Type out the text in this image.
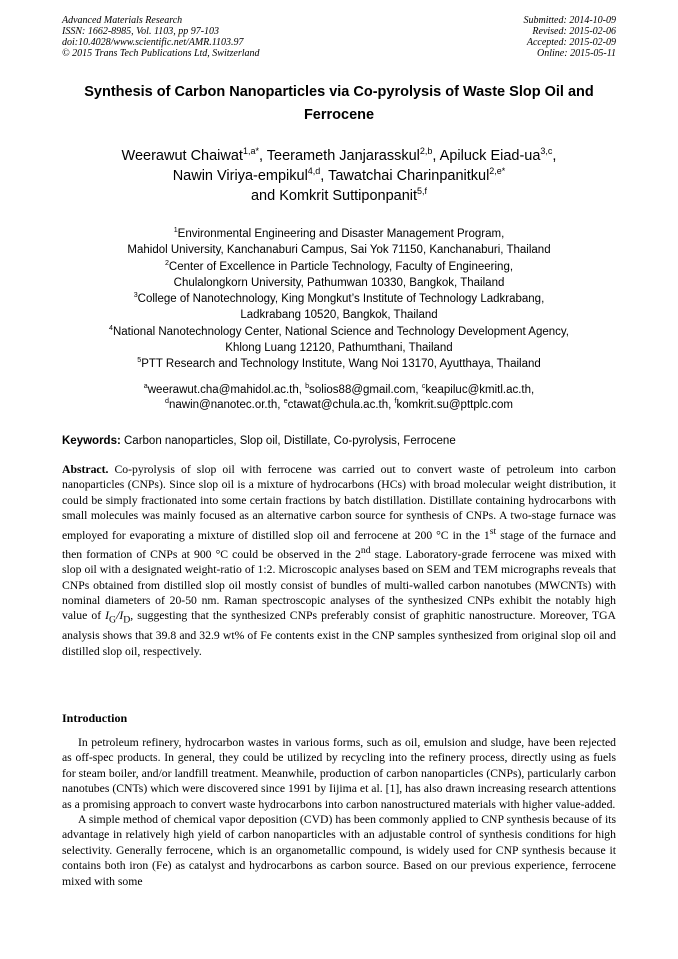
Advanced Materials Research
ISSN: 1662-8985, Vol. 1103, pp 97-103
doi:10.4028/www.scientific.net/AMR.1103.97
© 2015 Trans Tech Publications Ltd, Switzerland
Submitted: 2014-10-09
Revised: 2015-02-06
Accepted: 2015-02-09
Online: 2015-05-11
Synthesis of Carbon Nanoparticles via Co-pyrolysis of Waste Slop Oil and Ferrocene
Weerawut Chaiwat$^{1,a*}$, Teerameth Janjarasskul$^{2,b}$, Apiluck Eiad-ua$^{3,c}$,
Nawin Viriya-empikul$^{4,d}$, Tawatchai Charinpanitkul$^{2,e*}$
and Komkrit Suttiponpanit$^{5,f}$
$^1$Environmental Engineering and Disaster Management Program,
Mahidol University, Kanchanaburi Campus, Sai Yok 71150, Kanchanaburi, Thailand
$^2$Center of Excellence in Particle Technology, Faculty of Engineering,
Chulalongkorn University, Pathumwan 10330, Bangkok, Thailand
$^3$College of Nanotechnology, King Mongkut’s Institute of Technology Ladkrabang,
Ladkrabang 10520, Bangkok, Thailand
$^4$National Nanotechnology Center, National Science and Technology Development Agency,
Khlong Luang 12120, Pathumthani, Thailand
$^5$PTT Research and Technology Institute, Wang Noi 13170, Ayutthaya, Thailand
$^a$weerawut.cha@mahidol.ac.th, $^b$solios88@gmail.com, $^c$keapiluc@kmitl.ac.th,
$^d$nawin@nanotec.or.th, $^e$ctawat@chula.ac.th, $^f$komkrit.su@pttplc.com
Keywords: Carbon nanoparticles, Slop oil, Distillate, Co-pyrolysis, Ferrocene
Abstract. Co-pyrolysis of slop oil with ferrocene was carried out to convert waste of petroleum into carbon nanoparticles (CNPs). Since slop oil is a mixture of hydrocarbons (HCs) with broad molecular weight distribution, it could be simply fractionated into some certain fractions by batch distillation. Distillate containing hydrocarbons with small molecules was mainly focused as an alternative carbon source for synthesis of CNPs. A two-stage furnace was employed for evaporating a mixture of distilled slop oil and ferrocene at 200 °C in the 1st stage of the furnace and then formation of CNPs at 900 °C could be observed in the 2nd stage. Laboratory-grade ferrocene was mixed with slop oil with a designated weight-ratio of 1:2. Microscopic analyses based on SEM and TEM micrographs reveals that CNPs obtained from distilled slop oil mostly consist of bundles of multi-walled carbon nanotubes (MWCNTs) with nominal diameters of 20-50 nm. Raman spectroscopic analyses of the synthesized CNPs exhibit the notably high value of $I_G/I_D$, suggesting that the synthesized CNPs preferably consist of graphitic nanostructure. Moreover, TGA analysis shows that 39.8 and 32.9 wt% of Fe contents exist in the CNP samples synthesized from original slop oil and distilled slop oil, respectively.
Introduction

In petroleum refinery, hydrocarbon wastes in various forms, such as oil, emulsion and sludge, have been rejected as off-spec products. In general, they could be utilized by recycling into the refinery process, directly using as fuels for steam boiler, and/or landfill treatment. Meanwhile, production of carbon nanoparticles (CNPs), particularly carbon nanotubes (CNTs) which were discovered since 1991 by Iijima et al. [1], has also drawn increasing research attentions as a promising approach to convert waste hydrocarbons into carbon nanostructured materials with higher value-added.

A simple method of chemical vapor deposition (CVD) has been commonly applied to CNP synthesis because of its advantage in relatively high yield of carbon nanoparticles with an adjustable control of synthesis conditions for high selectivity. Generally ferrocene, which is an organometallic compound, is widely used for CNP synthesis because it contains both iron (Fe) as catalyst and hydrocarbons as carbon source. Based on our previous experience, ferrocene mixed with some
